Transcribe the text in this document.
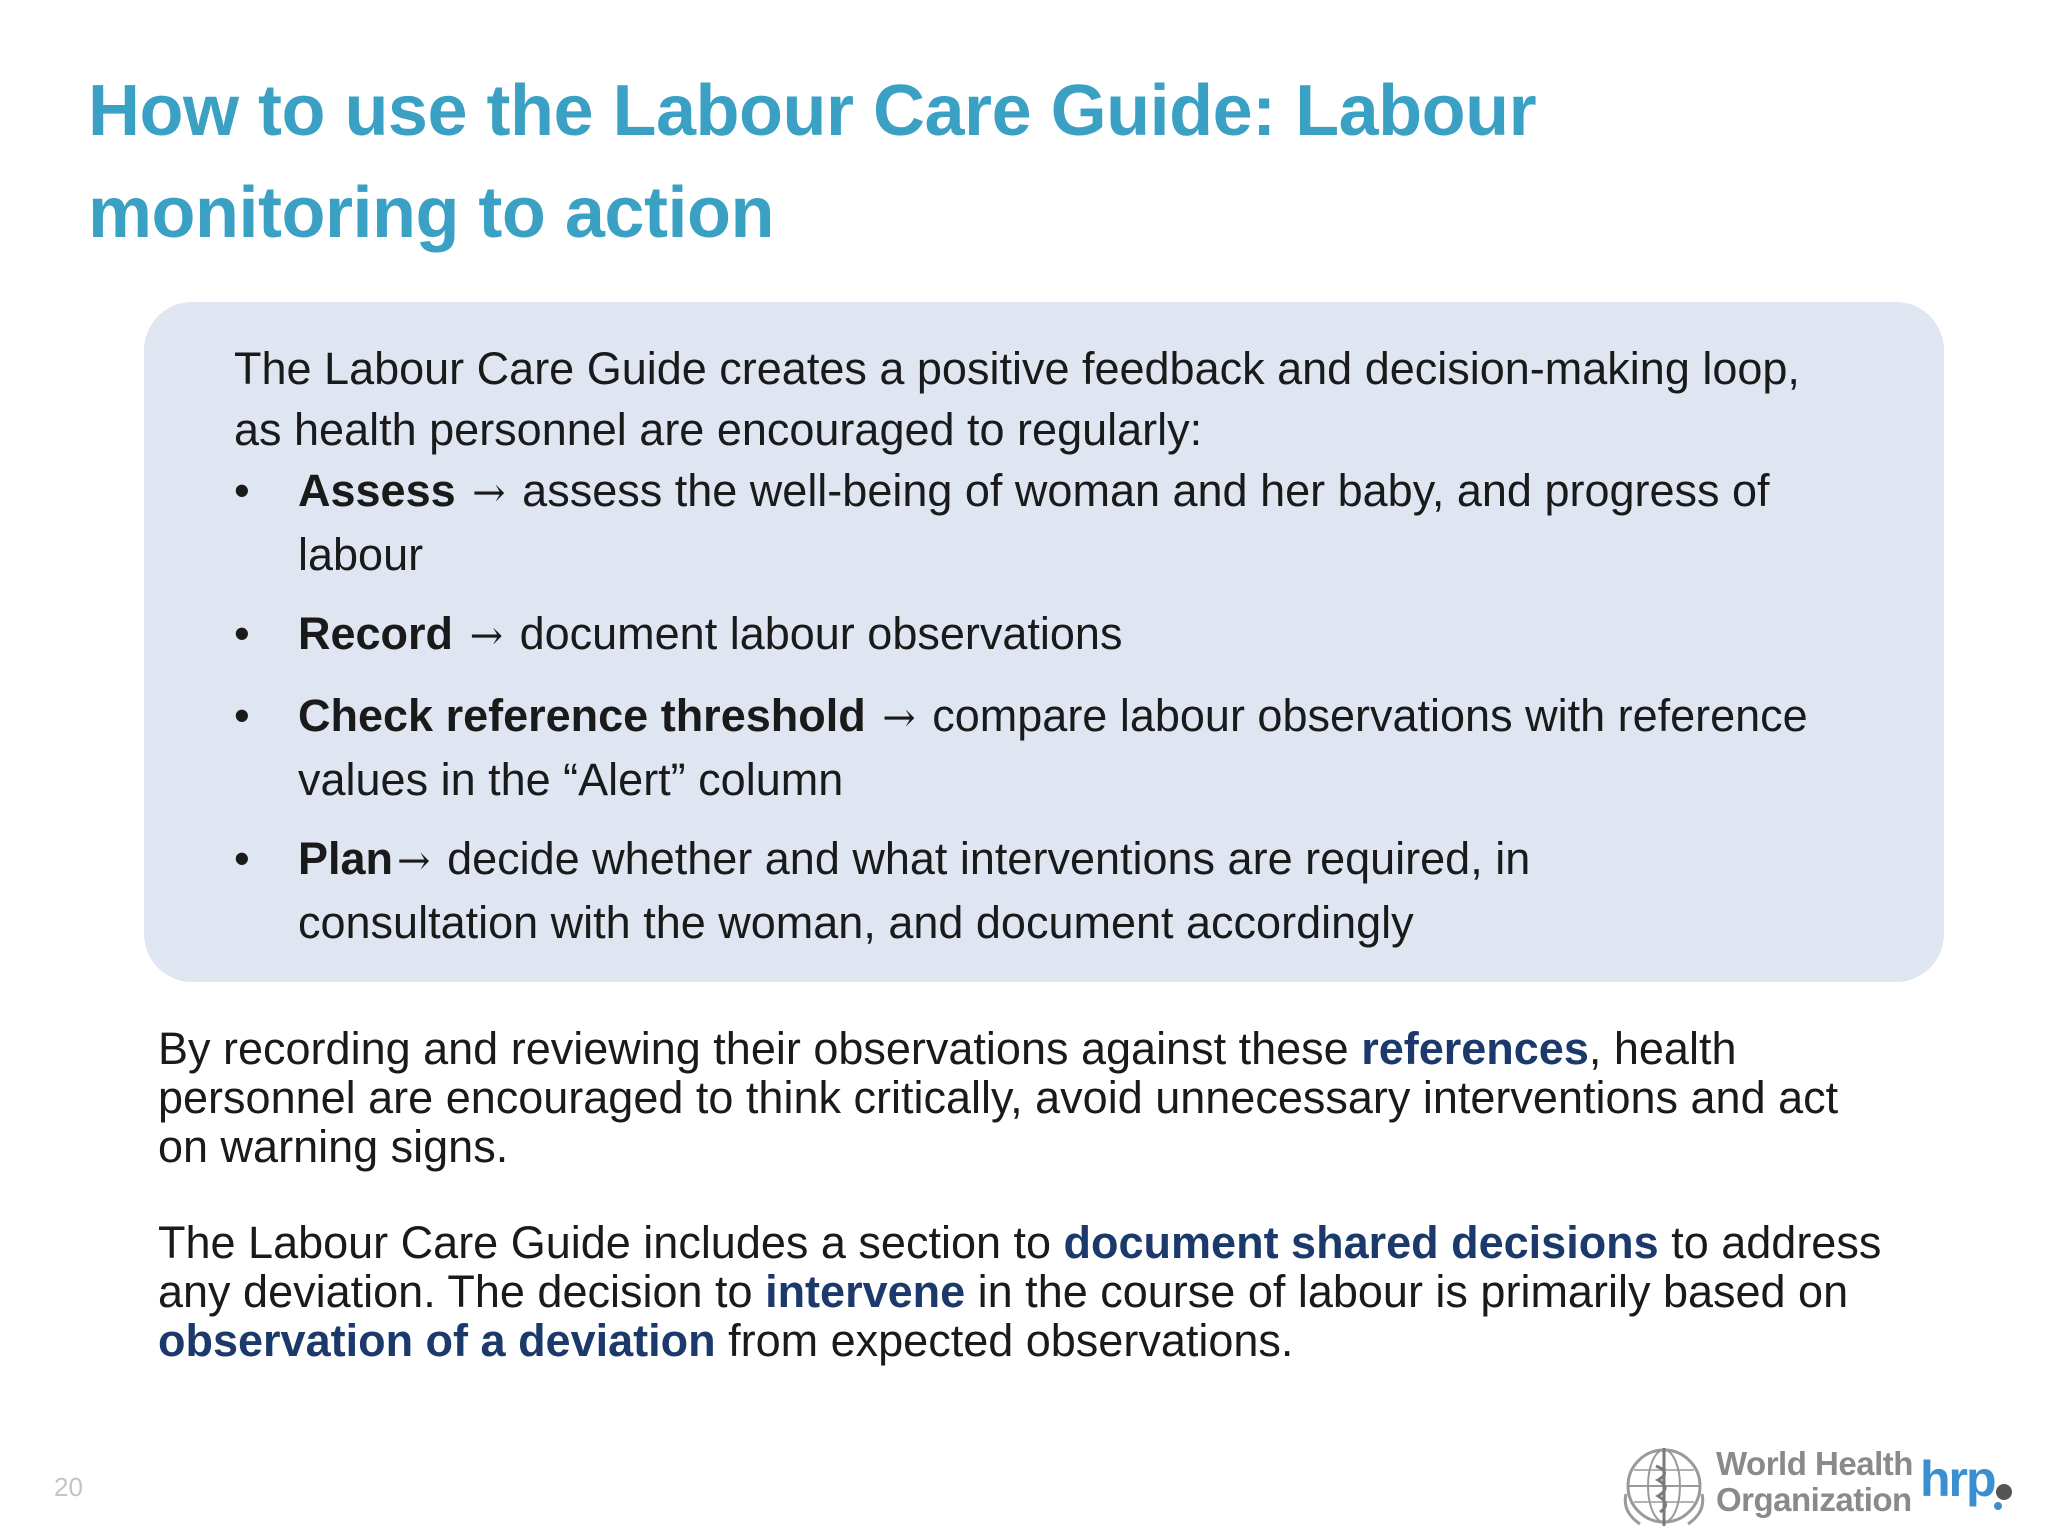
How to use the Labour Care Guide: Labour
monitoring to action

The Labour Care Guide creates a positive feedback and decision-making loop,
as health personnel are encouraged to regularly:

• Assess → assess the well-being of woman and her baby, and progress of
labour
• Record → document labour observations
• Check reference threshold → compare labour observations with reference
values in the “Alert” column
• Plan → decide whether and what interventions are required, in
consultation with the woman, and document accordingly

By recording and reviewing their observations against these references, health
personnel are encouraged to think critically, avoid unnecessary interventions and act
on warning signs.

The Labour Care Guide includes a section to document shared decisions to address
any deviation. The decision to intervene in the course of labour is primarily based on
observation of a deviation from expected observations.

20
World Health
Organization hrp
